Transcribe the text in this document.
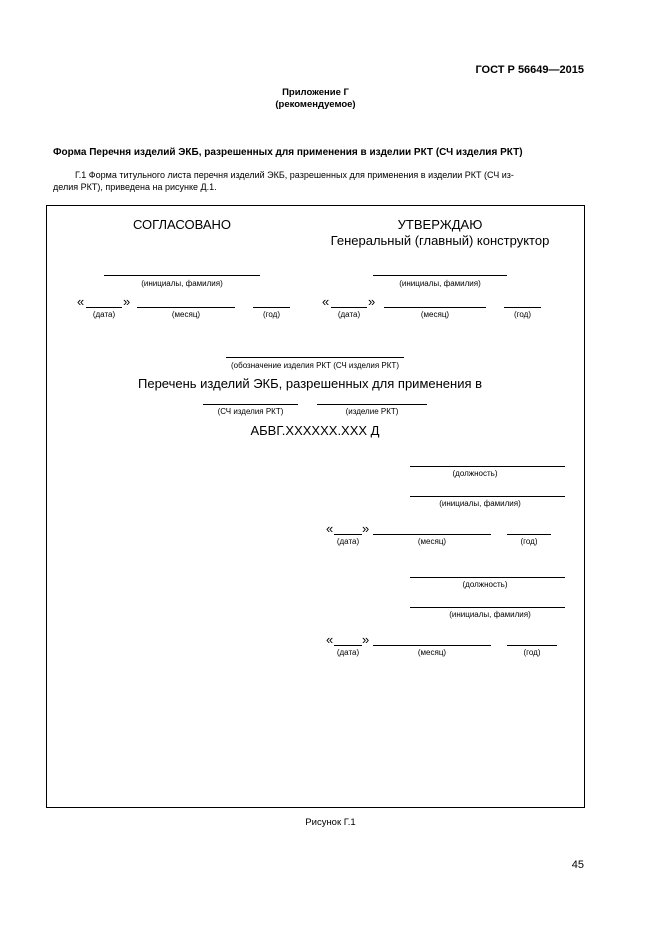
ГОСТ Р 56649—2015
Приложение Г
(рекомендуемое)
Форма Перечня изделий ЭКБ, разрешенных для применения в изделии РКТ (СЧ изделия РКТ)
Г.1 Форма титульного листа перечня изделий ЭКБ, разрешенных для применения в изделии РКТ (СЧ из-
делия РКТ), приведена на рисунке Д.1.
СОГЛАСОВАНО
(инициалы, фамилия)
«	»
(дата)	(месяц)	(год)
УТВЕРЖДАЮ
Генеральный (главный) конструктор
(инициалы, фамилия)
«	»
(дата)	(месяц)	(год)
(обозначение изделия РКТ (СЧ изделия РКТ)
Перечень изделий ЭКБ, разрешенных для применения в
(СЧ изделия РКТ)	(изделие РКТ)
АБВГ.XXXXXX.XXX Д
(должность)
(инициалы, фамилия)
« »
(дата)	(месяц)	(год)
(должность)
(инициалы, фамилия)
« »
(дата)	(месяц)	(год)
Рисунок Г.1
45
